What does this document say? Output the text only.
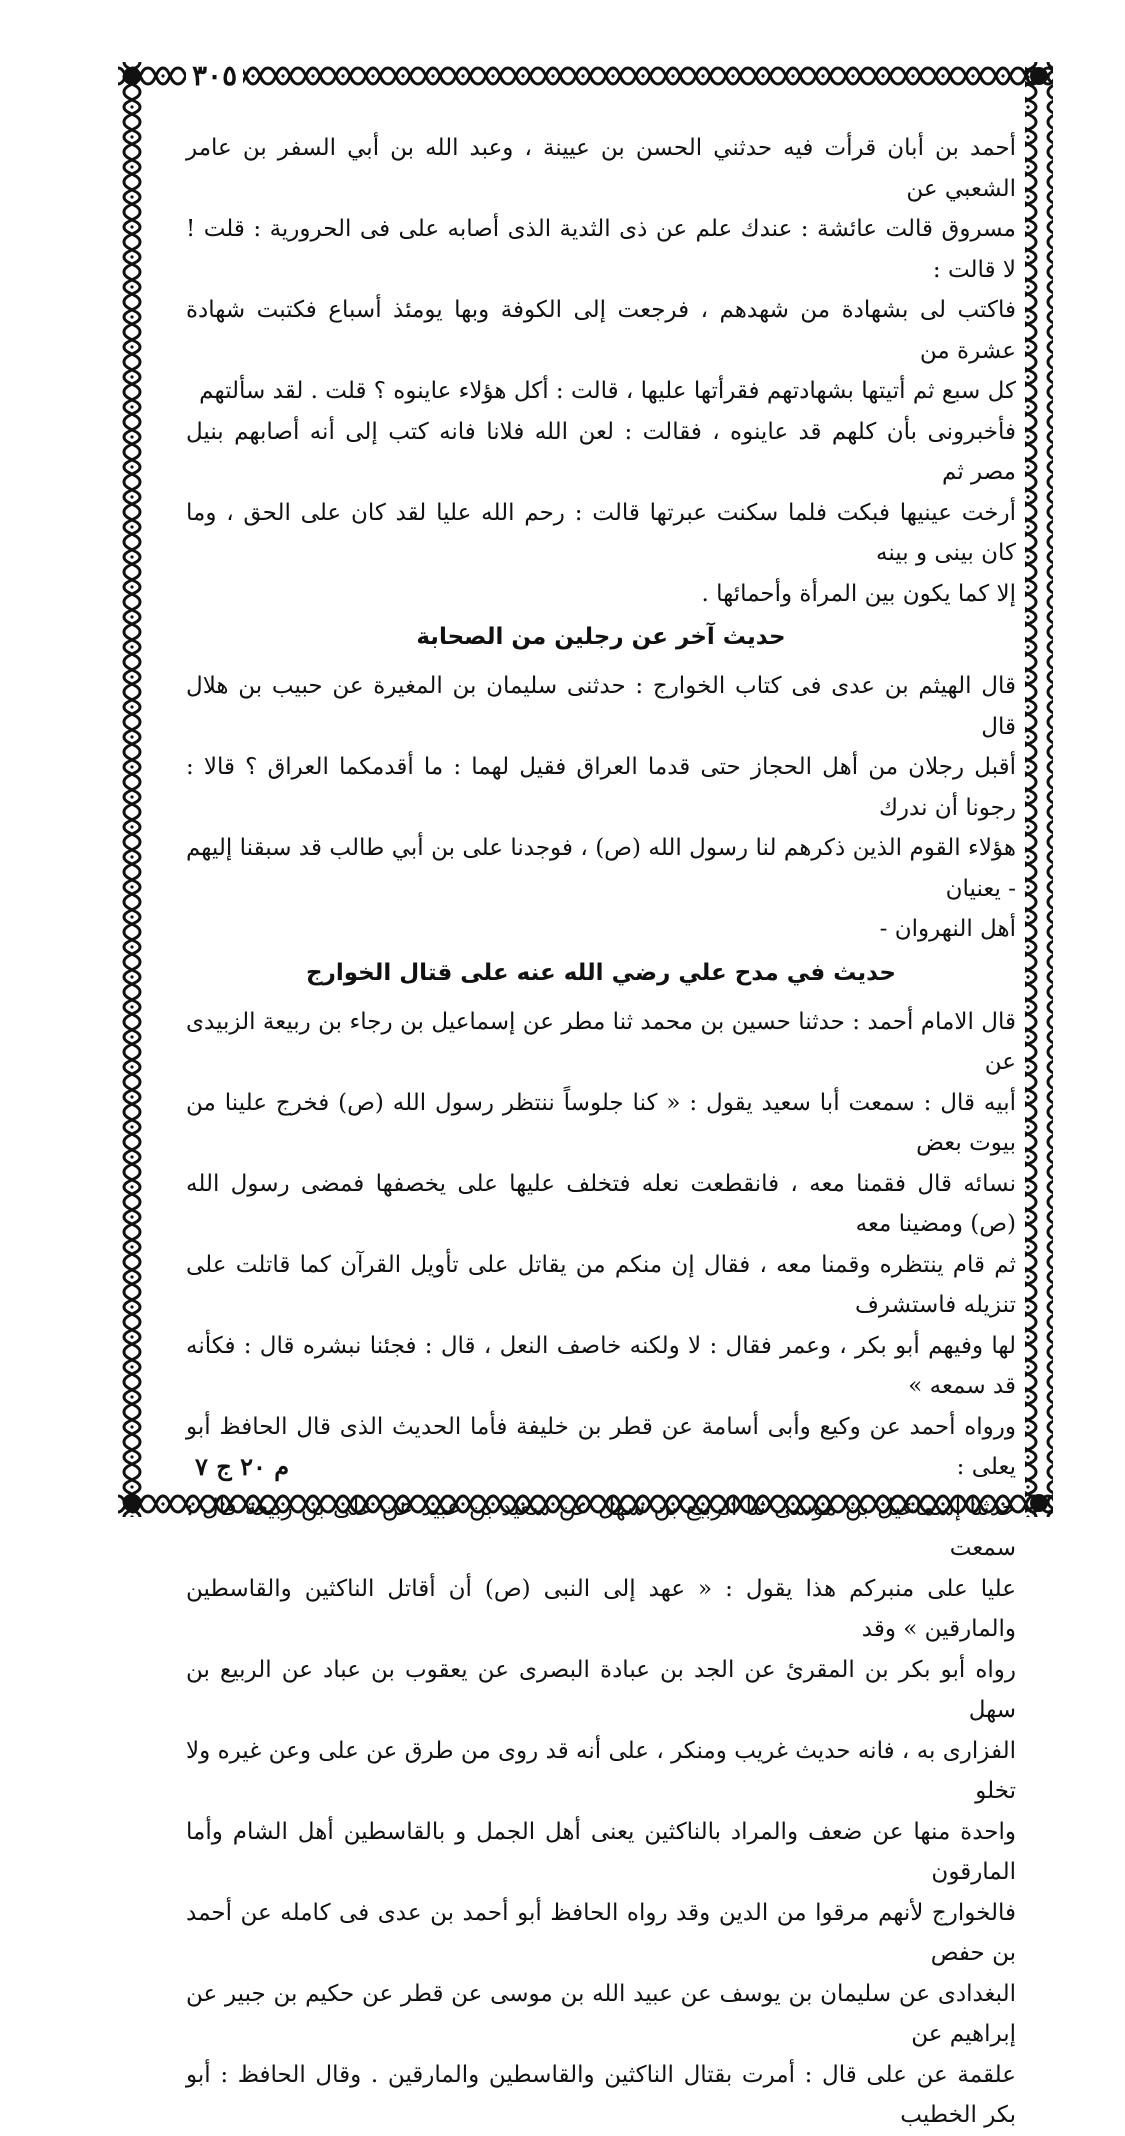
٣٠٥

أحمد بن أبان قرأت فيه حدثني الحسن بن عيينة ، وعبد الله بن أبي السفر بن عامر الشعبي عن

مسروق قالت عائشة : عندك علم عن ذى الثدية الذى أصابه على فى الحرورية : قلت ! لا قالت :

فاكتب لى بشهادة من شهدهم ، فرجعت إلى الكوفة وبها يومئذ أسباع فكتبت شهادة عشرة من

كل سبع ثم أتيتها بشهادتهم فقرأتها عليها ، قالت : أكل هؤلاء عاينوه ؟ قلت . لقد سألتهم

فأخبرونى بأن كلهم قد عاينوه ، فقالت : لعن الله فلانا فانه كتب إلى أنه أصابهم بنيل مصر ثم

أرخت عينيها فبكت فلما سكنت عبرتها قالت : رحم الله عليا لقد كان على الحق ، وما كان بينى و بينه

إلا كما يكون بين المرأة وأحمائها .

حديث آخر عن رجلين من الصحابة

قال الهيثم بن عدى فى كتاب الخوارج : حدثنى سليمان بن المغيرة عن حبيب بن هلال قال

أقبل رجلان من أهل الحجاز حتى قدما العراق فقيل لهما : ما أقدمكما العراق ؟ قالا : رجونا أن ندرك

هؤلاء القوم الذين ذكرهم لنا رسول الله (ص) ، فوجدنا على بن أبي طالب قد سبقنا إليهم - يعنيان

أهل النهروان -

حديث في مدح علي رضي الله عنه على قتال الخوارج

قال الامام أحمد : حدثنا حسين بن محمد ثنا مطر عن إسماعيل بن رجاء بن ربيعة الزبيدى عن

أبيه قال : سمعت أبا سعيد يقول : « كنا جلوساً ننتظر رسول الله (ص) فخرج علينا من بيوت بعض

نسائه قال فقمنا معه ، فانقطعت نعله فتخلف عليها على يخصفها فمضى رسول الله (ص) ومضينا معه

ثم قام ينتظره وقمنا معه ، فقال إن منكم من يقاتل على تأويل القرآن كما قاتلت على تنزيله فاستشرف

لها وفيهم أبو بكر ، وعمر فقال : لا ولكنه خاصف النعل ، قال : فجئنا نبشره قال : فكأنه قد سمعه »

ورواه أحمد عن وكيع وأبى أسامة عن قطر بن خليفة فأما الحديث الذى قال الحافظ أبو يعلى :

حدثنا إسماعيل بن موسى ثنا الربيع بن سهل عن سعيد بن عبيد عن على بن ربيعة قال : سمعت

عليا على منبركم هذا يقول : « عهد إلى النبى (ص) أن أقاتل الناكثين والقاسطين والمارقين » وقد

رواه أبو بكر بن المقرئ عن الجد بن عبادة البصرى عن يعقوب بن عباد عن الربيع بن سهل

الفزارى به ، فانه حديث غريب ومنكر ، على أنه قد روى من طرق عن على وعن غيره ولا تخلو

واحدة منها عن ضعف والمراد بالناكثين يعنى أهل الجمل و بالقاسطين أهل الشام وأما المارقون

فالخوارج لأنهم مرقوا من الدين وقد رواه الحافظ أبو أحمد بن عدى فى كامله عن أحمد بن حفص

البغدادى عن سليمان بن يوسف عن عبيد الله بن موسى عن قطر عن حكيم بن جبير عن إبراهيم عن

علقمة عن على قال : أمرت بقتال الناكثين والقاسطين والمارقين . وقال الحافظ : أبو بكر الخطيب

م ٢٠ ج ٧
